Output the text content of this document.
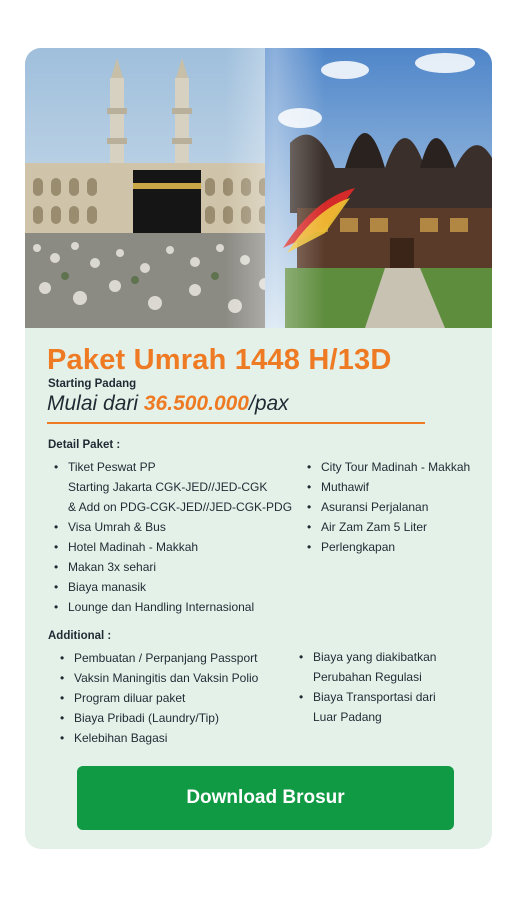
Paket Umrah 1448 H/13D
Starting Padang
Mulai dari 36.500.000/pax
Detail Paket :
• Tiket Peswat PP
Starting Jakarta CGK-JED//JED-CGK
& Add on PDG-CGK-JED//JED-CGK-PDG
• Visa Umrah & Bus
• Hotel Madinah - Makkah
• Makan 3x sehari
• Biaya manasik
• Lounge dan Handling Internasional
• City Tour Madinah - Makkah
• Muthawif
• Asuransi Perjalanan
• Air Zam Zam 5 Liter
• Perlengkapan
Additional :
• Pembuatan / Perpanjang Passport
• Vaksin Maningitis dan Vaksin Polio
• Program diluar paket
• Biaya Pribadi (Laundry/Tip)
• Kelebihan Bagasi
• Biaya yang diakibatkan
Perubahan Regulasi
• Biaya Transportasi dari
Luar Padang
Download Brosur
